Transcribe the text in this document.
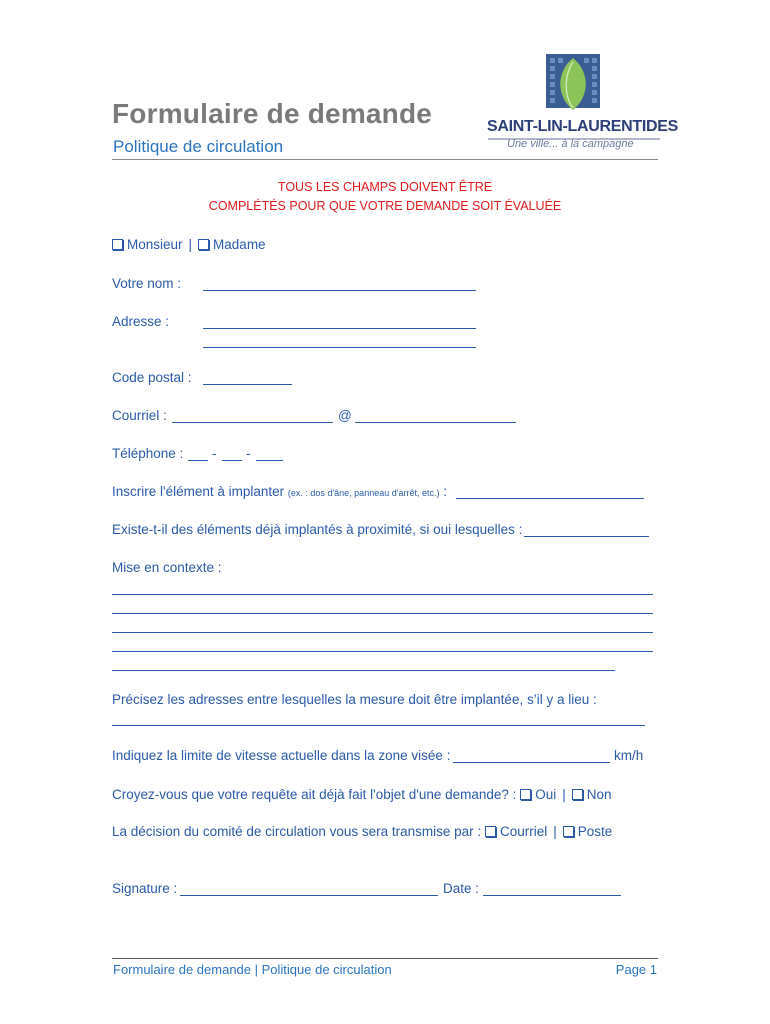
Formulaire de demande
Politique de circulation
SAINT-LIN-LAURENTIDES
Une ville... à la campagne
TOUS LES CHAMPS DOIVENT ÊTRE
COMPLÉTÉS POUR QUE VOTRE DEMANDE SOIT ÉVALUÉE
Monsieur | Madame
Votre nom :
Adresse :
Code postal :
Courriel :	@
Téléphone : - -
Inscrire l'élément à implanter (ex. : dos d'âne, panneau d'arrêt, etc.) :
Existe-t-il des éléments déjà implantés à proximité, si oui lesquelles :
Mise en contexte :
Précisez les adresses entre lesquelles la mesure doit être implantée, s’il y a lieu :
Indiquez la limite de vitesse actuelle dans la zone visée :	km/h
Croyez-vous que votre requête ait déjà fait l'objet d'une demande? : Oui | Non
La décision du comité de circulation vous sera transmise par : Courriel | Poste
Signature :	Date :
Formulaire de demande | Politique de circulation	Page 1
